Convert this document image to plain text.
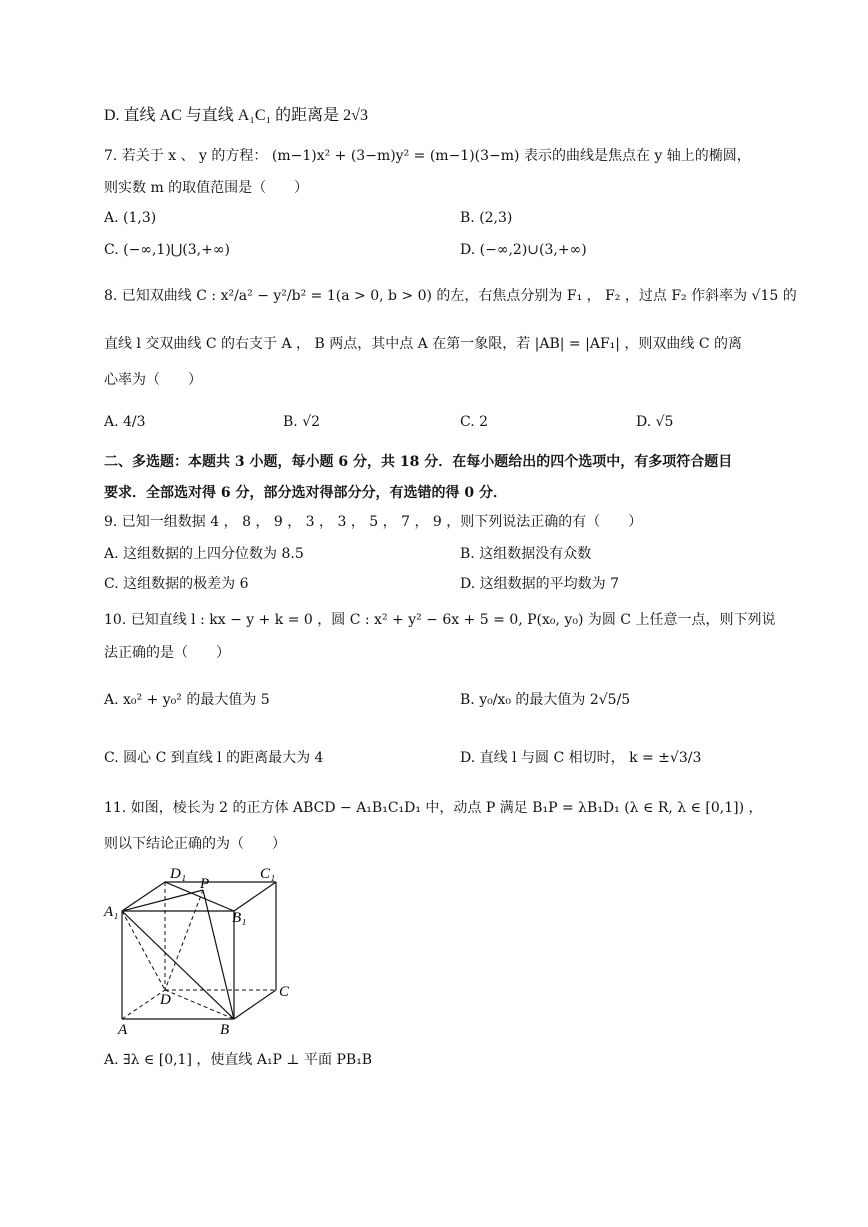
D. 直线 AC 与直线 A₁C₁ 的距离是 2√3
7. 若关于 x 、 y 的方程： (m−1)x² + (3−m)y² = (m−1)(3−m) 表示的曲线是焦点在 y 轴上的椭圆，
则实数 m 的取值范围是（　　）
A. (1,3)	B. (2,3)
C. (−∞,1)⋃(3,+∞)	D. (−∞,2)∪(3,+∞)
8. 已知双曲线 C : x²/a² − y²/b² = 1(a > 0, b > 0) 的左，右焦点分别为 F₁ ， F₂ ，过点 F₂ 作斜率为 √15 的
直线 l 交双曲线 C 的右支于 A ， B 两点，其中点 A 在第一象限，若 |AB| = |AF₁| ，则双曲线 C 的离
心率为（　　）
A. 4/3	B. √2	C. 2	D. √5
二、多选题：本题共 3 小题，每小题 6 分，共 18 分．在每小题给出的四个选项中，有多项符合题目
要求．全部选对得 6 分，部分选对得部分分，有选错的得 0 分．
9. 已知一组数据 4 ， 8 ， 9 ， 3 ， 3 ， 5 ， 7 ， 9 ，则下列说法正确的有（　　）
A. 这组数据的上四分位数为 8.5	B. 这组数据没有众数
C. 这组数据的极差为 6	D. 这组数据的平均数为 7
10. 已知直线 l : kx − y + k = 0 ，圆 C : x² + y² − 6x + 5 = 0, P(x₀, y₀) 为圆 C 上任意一点，则下列说
法正确的是（　　）
A. x₀² + y₀² 的最大值为 5	B. y₀/x₀ 的最大值为 2√5/5
C. 圆心 C 到直线 l 的距离最大为 4	D. 直线 l 与圆 C 相切时， k = ±√3/3
11. 如图，棱长为 2 的正方体 ABCD − A₁B₁C₁D₁ 中，动点 P 满足 B₁P = λB₁D₁ (λ ∈ R, λ ∈ [0,1]) ，
则以下结论正确的为（　　）
D₁
P
C₁
A₁	B₁
D	C
A	B
A. ∃λ ∈ [0,1] ，使直线 A₁P ⊥ 平面 PB₁B
